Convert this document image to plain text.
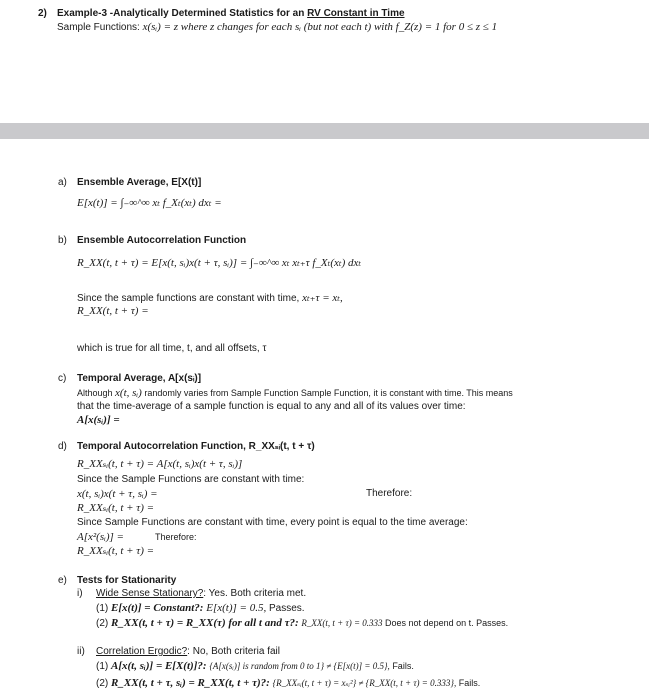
2) Example-3 -Analytically Determined Statistics for an RV Constant in Time
Sample Functions: x(sᵢ) = z where z changes for each sᵢ (but not each t) with f_Z(z) = 1 for 0 ≤ z ≤ 1
a) Ensemble Average, E[X(t)]
E[x(t)] = ∫₋∞^∞ xₜ f_Xₜ(xₜ) dxₜ =
b) Ensemble Autocorrelation Function
R_XX(t, t + τ) = E[x(t, sᵢ)x(t + τ, sᵢ)] = ∫₋∞^∞ xₜ xₜ₊τ f_Xₜ(xₜ) dxₜ
Since the sample functions are constant with time, xₜ₊τ = xₜ,
R_XX(t, t + τ) =
which is true for all time, t, and all offsets, τ
c) Temporal Average, A[x(sᵢ)]
Although x(t, sᵢ) randomly varies from Sample Function Sample Function, it is constant with time. This means
that the time-average of a sample function is equal to any and all of its values over time:
A[x(sᵢ)] =
d) Temporal Autocorrelation Function, R_XXₛᵢ(t, t + τ)
R_XXₛᵢ(t, t + τ) = A[x(t, sᵢ)x(t + τ, sᵢ)]
Since the Sample Functions are constant with time:
x(t, sᵢ)x(t + τ, sᵢ) =	Therefore:
R_XXₛᵢ(t, t + τ) =
Since Sample Functions are constant with time, every point is equal to the time average:
A[x²(sᵢ)] =	Therefore:
R_XXₛᵢ(t, t + τ) =
e) Tests for Stationarity
i) Wide Sense Stationary?: Yes. Both criteria met.
(1) E[x(t)] = Constant?: E[x(t)] = 0.5, Passes.
(2) R_XX(t, t + τ) = R_XX(τ) for all t and τ?: R_XX(t, t + τ) = 0.333 Does not depend on t. Passes.
ii) Correlation Ergodic?: No, Both criteria fail
(1) A[x(t, sᵢ)] = E[X(t)]?: {A[x(sᵢ)] is random from 0 to 1} ≠ {E[x(t)] = 0.5}, Fails.
(2) R_XX(t, t + τ, sᵢ) = R_XX(t, t + τ)?: {R_XXₛᵢ(t, t + τ) = xₛᵢ²} ≠ {R_XX(t, t + τ) = 0.333}, Fails.
